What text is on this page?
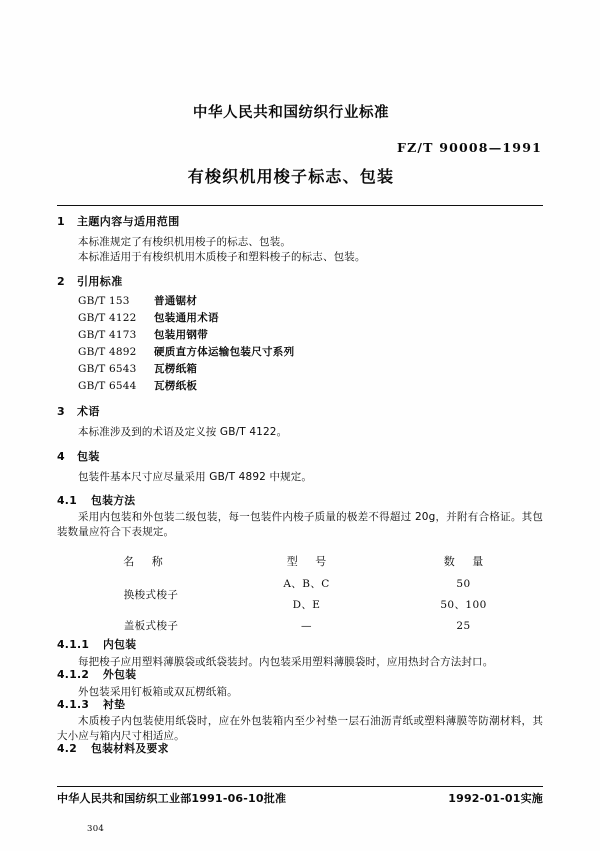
中华人民共和国纺织行业标准
FZ/T 90008—1991
有梭织机用梭子标志、包装
1	主题内容与适用范围

本标准规定了有梭织机用梭子的标志、包装。

本标准适用于有梭织机用木质梭子和塑料梭子的标志、包装。

2	引用标准
GB/T 153	普通锯材
GB/T 4122	包装通用术语
GB/T 4173	包装用钢带
GB/T 4892	硬质直方体运输包装尺寸系列
GB/T 6543	瓦楞纸箱
GB/T 6544	瓦楞纸板
3	术语

本标准涉及到的术语及定义按 GB/T 4122。

4	包装

包装件基本尺寸应尽量采用 GB/T 4892 中规定。

4.1	包装方法

采用内包装和外包装二级包装，每一包装件内梭子质量的极差不得超过 20g，并附有合格证。其包装数量应符合下表规定。

名 称	型 号	数 量
换梭式梭子	A、B、C	50
	D、E	50、100
盖板式梭子	—	25
4.1.1	内包装

每把梭子应用塑料薄膜袋或纸袋装封。内包装采用塑料薄膜袋时，应用热封合方法封口。

4.1.2	外包装

外包装采用钉板箱或双瓦楞纸箱。

4.1.3	衬垫

木质梭子内包装使用纸袋时，应在外包装箱内至少衬垫一层石油沥青纸或塑料薄膜等防潮材料，其大小应与箱内尺寸相适应。

4.2	包装材料及要求
中华人民共和国纺织工业部1991-06-10批准	1992-01-01实施
304
